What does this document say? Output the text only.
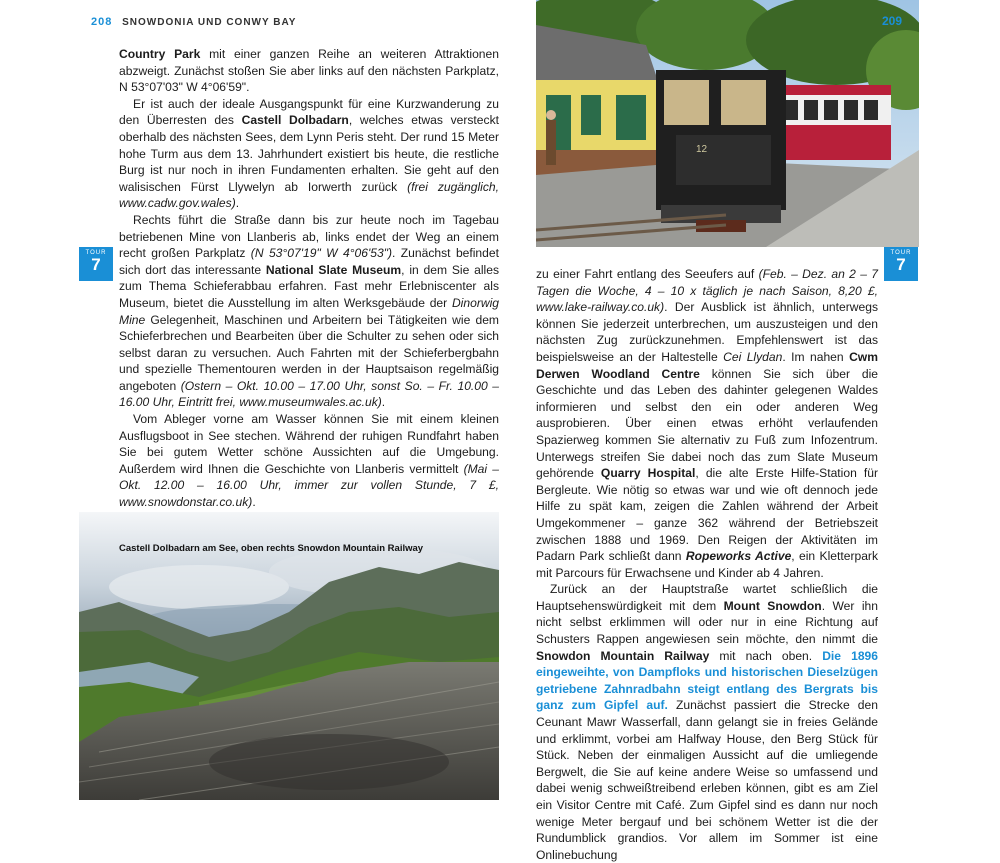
208 SNOWDONIA UND CONWY BAY

Country Park mit einer ganzen Reihe an weiteren Attraktionen abzweigt. Zunächst stoßen Sie aber links auf den nächsten Parkplatz, N 53°07'03" W 4°06'59".

Er ist auch der ideale Ausgangspunkt für eine Kurzwanderung zu den Überresten des Castell Dolbadarn, welches etwas versteckt oberhalb des nächsten Sees, dem Lynn Peris steht. Der rund 15 Meter hohe Turm aus dem 13. Jahrhundert existiert bis heute, die restliche Burg ist nur noch in ihren Fundamenten erhalten. Sie geht auf den walisischen Fürst Llywelyn ab Iorwerth zurück (frei zugänglich, www.cadw.gov.wales).

Rechts führt die Straße dann bis zur heute noch im Tagebau betriebenen Mine von Llanberis ab, links endet der Weg an einem recht großen Parkplatz (N 53°07'19" W 4°06'53"). Zunächst befindet sich dort das interessante National Slate Museum, in dem Sie alles zum Thema Schieferabbau erfahren. Fast mehr Erlebniscenter als Museum, bietet die Ausstellung im alten Werksgebäude der Dinorwig Mine Gelegenheit, Maschinen und Arbeitern bei Tätigkeiten wie dem Schieferbrechen und Bearbeiten über die Schulter zu sehen oder sich selbst daran zu versuchen. Auch Fahrten mit der Schieferbergbahn und spezielle Thementouren werden in der Hauptsaison regelmäßig angeboten (Ostern – Okt. 10.00 – 17.00 Uhr, sonst So. – Fr. 10.00 – 16.00 Uhr, Eintritt frei, www.museumwales.ac.uk).

Vom Ableger vorne am Wasser können Sie mit einem kleinen Ausflugsboot in See stechen. Während der ruhigen Rundfahrt haben Sie bei gutem Wetter schöne Aussichten auf die Umgebung. Außerdem wird Ihnen die Geschichte von Llanberis vermittelt (Mai – Okt. 12.00 – 16.00 Uhr, immer zur vollen Stunde, 7 £, www.snowdonstar.co.uk).

TOUR
7
Castell Dolbadarn am See, oben rechts Snowdon Mountain Railway
12
209
TOUR
7

zu einer Fahrt entlang des Seeufers auf (Feb. – Dez. an 2 – 7 Tagen die Woche, 4 – 10 x täglich je nach Saison, 8,20 £, www.lake-railway.co.uk). Der Ausblick ist ähnlich, unterwegs können Sie jederzeit unterbrechen, um auszusteigen und den nächsten Zug zurückzunehmen. Empfehlenswert ist das beispielsweise an der Haltestelle Cei Llydan. Im nahen Cwm Derwen Woodland Centre können Sie sich über die Geschichte und das Leben des dahinter gelegenen Waldes informieren und selbst den ein oder anderen Weg ausprobieren. Über einen etwas erhöht verlaufenden Spazierweg kommen Sie alternativ zu Fuß zum Infozentrum. Unterwegs streifen Sie dabei noch das zum Slate Museum gehörende Quarry Hospital, die alte Erste Hilfe-Station für Bergleute. Wie nötig so etwas war und wie oft dennoch jede Hilfe zu spät kam, zeigen die Zahlen während der Arbeit Umgekommener – ganze 362 während der Betriebszeit zwischen 1888 und 1969. Den Reigen der Aktivitäten im Padarn Park schließt dann Ropeworks Active, ein Kletterpark mit Parcours für Erwachsene und Kinder ab 4 Jahren.

Zurück an der Hauptstraße wartet schließlich die Hauptsehenswürdigkeit mit dem Mount Snowdon. Wer ihn nicht selbst erklimmen will oder nur in eine Richtung auf Schusters Rappen angewiesen sein möchte, den nimmt die Snowdon Mountain Railway mit nach oben. Die 1896 eingeweihte, von Dampfloks und historischen Dieselzügen getriebene Zahnradbahn steigt entlang des Bergrats bis ganz zum Gipfel auf. Zunächst passiert die Strecke den Ceunant Mawr Wasserfall, dann gelangt sie in freies Gelände und erklimmt, vorbei am Halfway House, den Berg Stück für Stück. Neben der einmaligen Aussicht auf die umliegende Bergwelt, die Sie auf keine andere Weise so umfassend und dabei wenig schweißtreibend erleben können, gibt es am Ziel ein Visitor Centre mit Café. Zum Gipfel sind es dann nur noch wenige Meter bergauf und bei schönem Wetter ist die der Rundumblick grandios. Vor allem im Sommer ist eine Onlinebuchung
